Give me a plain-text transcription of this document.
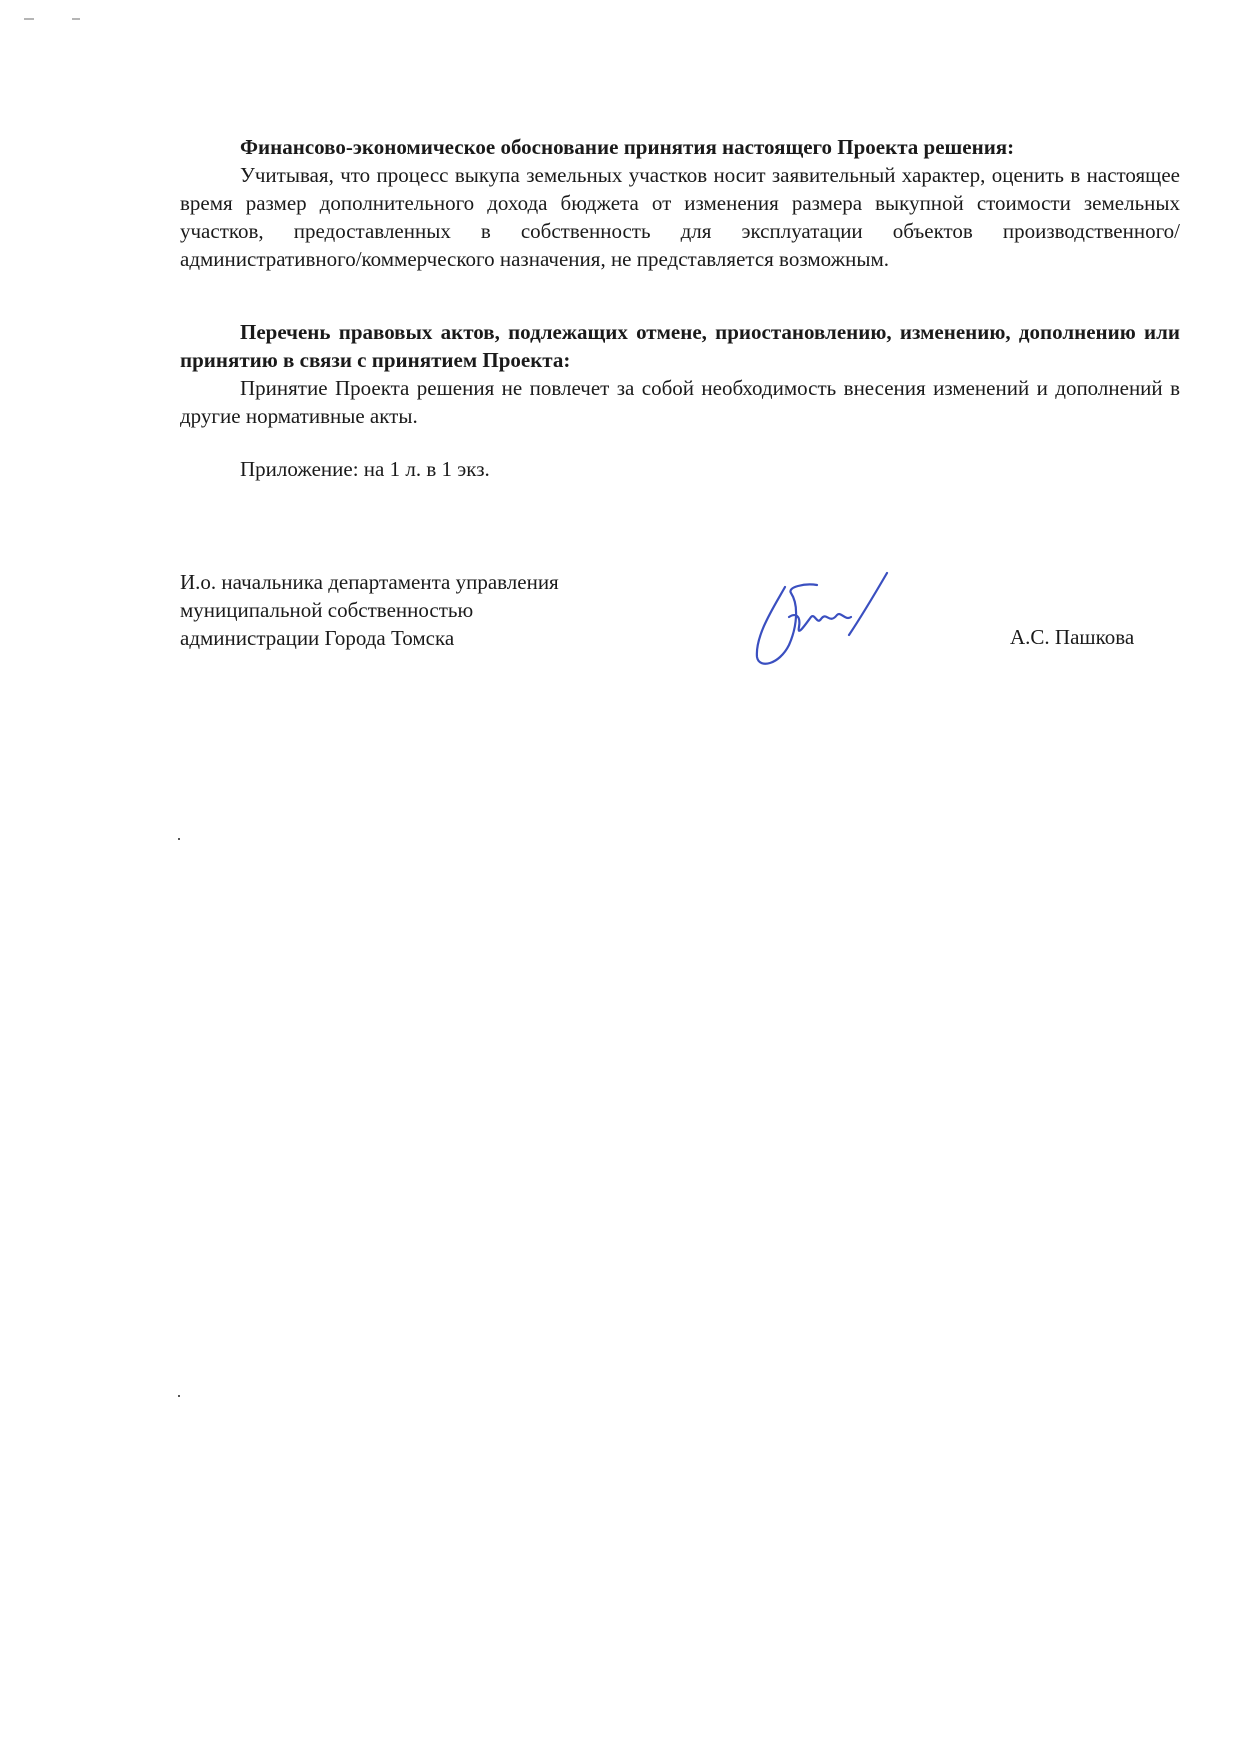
Финансово-экономическое обоснование принятия настоящего Проекта решения:
Учитывая, что процесс выкупа земельных участков носит заявительный характер, оценить в настоящее время размер дополнительного дохода бюджета от изменения размера выкупной стоимости земельных участков, предоставленных в собственность для эксплуатации объектов производственного/административного/коммерческого назначения, не представляется возможным.
Перечень правовых актов, подлежащих отмене, приостановлению, изменению, дополнению или принятию в связи с принятием Проекта:
Принятие Проекта решения не повлечет за собой необходимость внесения изменений и дополнений в другие нормативные акты.
Приложение: на 1 л. в 1 экз.
И.о. начальника департамента управления
муниципальной собственностью
администрации Города Томска	А.С. Пашкова
